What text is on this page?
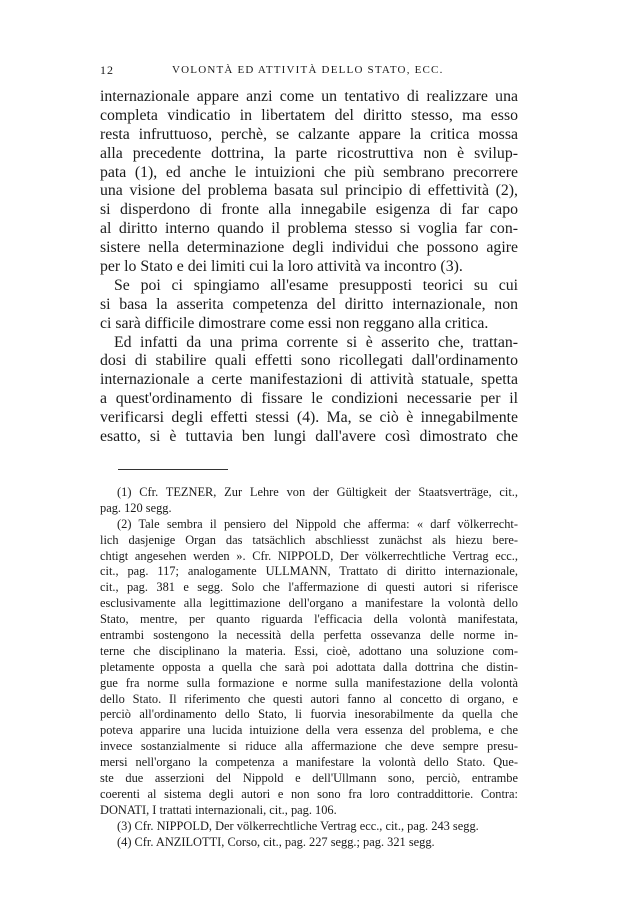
12	VOLONTÀ ED ATTIVITÀ DELLO STATO, ECC.
internazionale appare anzi come un tentativo di realizzare una
completa vindicatio in libertatem del diritto stesso, ma esso
resta infruttuoso, perchè, se calzante appare la critica mossa
alla precedente dottrina, la parte ricostruttiva non è svilup-
pata (1), ed anche le intuizioni che più sembrano precorrere
una visione del problema basata sul principio di effettività (2),
si disperdono di fronte alla innegabile esigenza di far capo
al diritto interno quando il problema stesso si voglia far con-
sistere nella determinazione degli individui che possono agire
per lo Stato e dei limiti cui la loro attività va incontro (3).
Se poi ci spingiamo all'esame presupposti teorici su cui
si basa la asserita competenza del diritto internazionale, non
ci sarà difficile dimostrare come essi non reggano alla critica.
Ed infatti da una prima corrente si è asserito che, trattan-
dosi di stabilire quali effetti sono ricollegati dall'ordinamento
internazionale a certe manifestazioni di attività statuale, spetta
a quest'ordinamento di fissare le condizioni necessarie per il
verificarsi degli effetti stessi (4). Ma, se ciò è innegabilmente
esatto, si è tuttavia ben lungi dall'avere così dimostrato che
(1) Cfr. TEZNER, Zur Lehre von der Gültigkeit der Staatsverträge, cit.,
pag. 120 segg.
(2) Tale sembra il pensiero del Nippold che afferma: « darf völkerrecht-
lich dasjenige Organ das tatsächlich abschliesst zunächst als hiezu bere-
chtigt angesehen werden ». Cfr. NIPPOLD, Der völkerrechtliche Vertrag ecc.,
cit., pag. 117; analogamente ULLMANN, Trattato di diritto internazionale,
cit., pag. 381 e segg. Solo che l'affermazione di questi autori si riferisce
esclusivamente alla legittimazione dell'organo a manifestare la volontà dello
Stato, mentre, per quanto riguarda l'efficacia della volontà manifestata,
entrambi sostengono la necessità della perfetta ossevanza delle norme in-
terne che disciplinano la materia. Essi, cioè, adottano una soluzione com-
pletamente opposta a quella che sarà poi adottata dalla dottrina che distin-
gue fra norme sulla formazione e norme sulla manifestazione della volontà
dello Stato. Il riferimento che questi autori fanno al concetto di organo, e
perciò all'ordinamento dello Stato, li fuorvia inesorabilmente da quella che
poteva apparire una lucida intuizione della vera essenza del problema, e che
invece sostanzialmente si riduce alla affermazione che deve sempre presu-
mersi nell'organo la competenza a manifestare la volontà dello Stato. Que-
ste due asserzioni del Nippold e dell'Ullmann sono, perciò, entrambe
coerenti al sistema degli autori e non sono fra loro contraddittorie. Contra:
DONATI, I trattati internazionali, cit., pag. 106.
(3) Cfr. NIPPOLD, Der völkerrechtliche Vertrag ecc., cit., pag. 243 segg.
(4) Cfr. ANZILOTTI, Corso, cit., pag. 227 segg.; pag. 321 segg.
